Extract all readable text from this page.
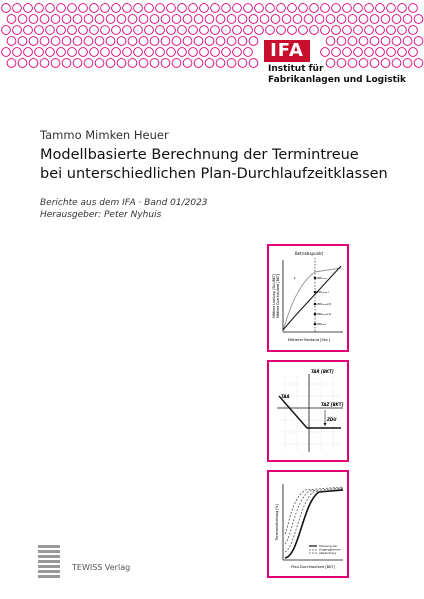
IFA
Institut für
Fabrikanlagen und Logistik
Tammo Mimken Heuer
Modellbasierte Berechnung der Termintreue
bei unterschiedlichen Plan-Durchlaufzeitklassen
Berichte aus dem IFA · Band 01/2023
Herausgeber: Peter Nyhuis
Betriebspunkt
L	ZDLₘₐₓ
ZDLₚₗₐₙ,₂
ZDLₚₗₐₙ(2)
ZDLₚₗₐₙ(1)
ZDLₘᵢₙ
Mittlerer Bestand [Std.]
Mittlere Leistung [Std./BKT] Mittlere Durchlaufzeit [BKT]
TAR [BKT]
TAZ [BKT]
TAA
ZDU
Streuung der
Zugangstermin-
abweichung
Plan-Durchlaufzeit [BKT]
Termineinhaltung [%]
TEWISS Verlag
